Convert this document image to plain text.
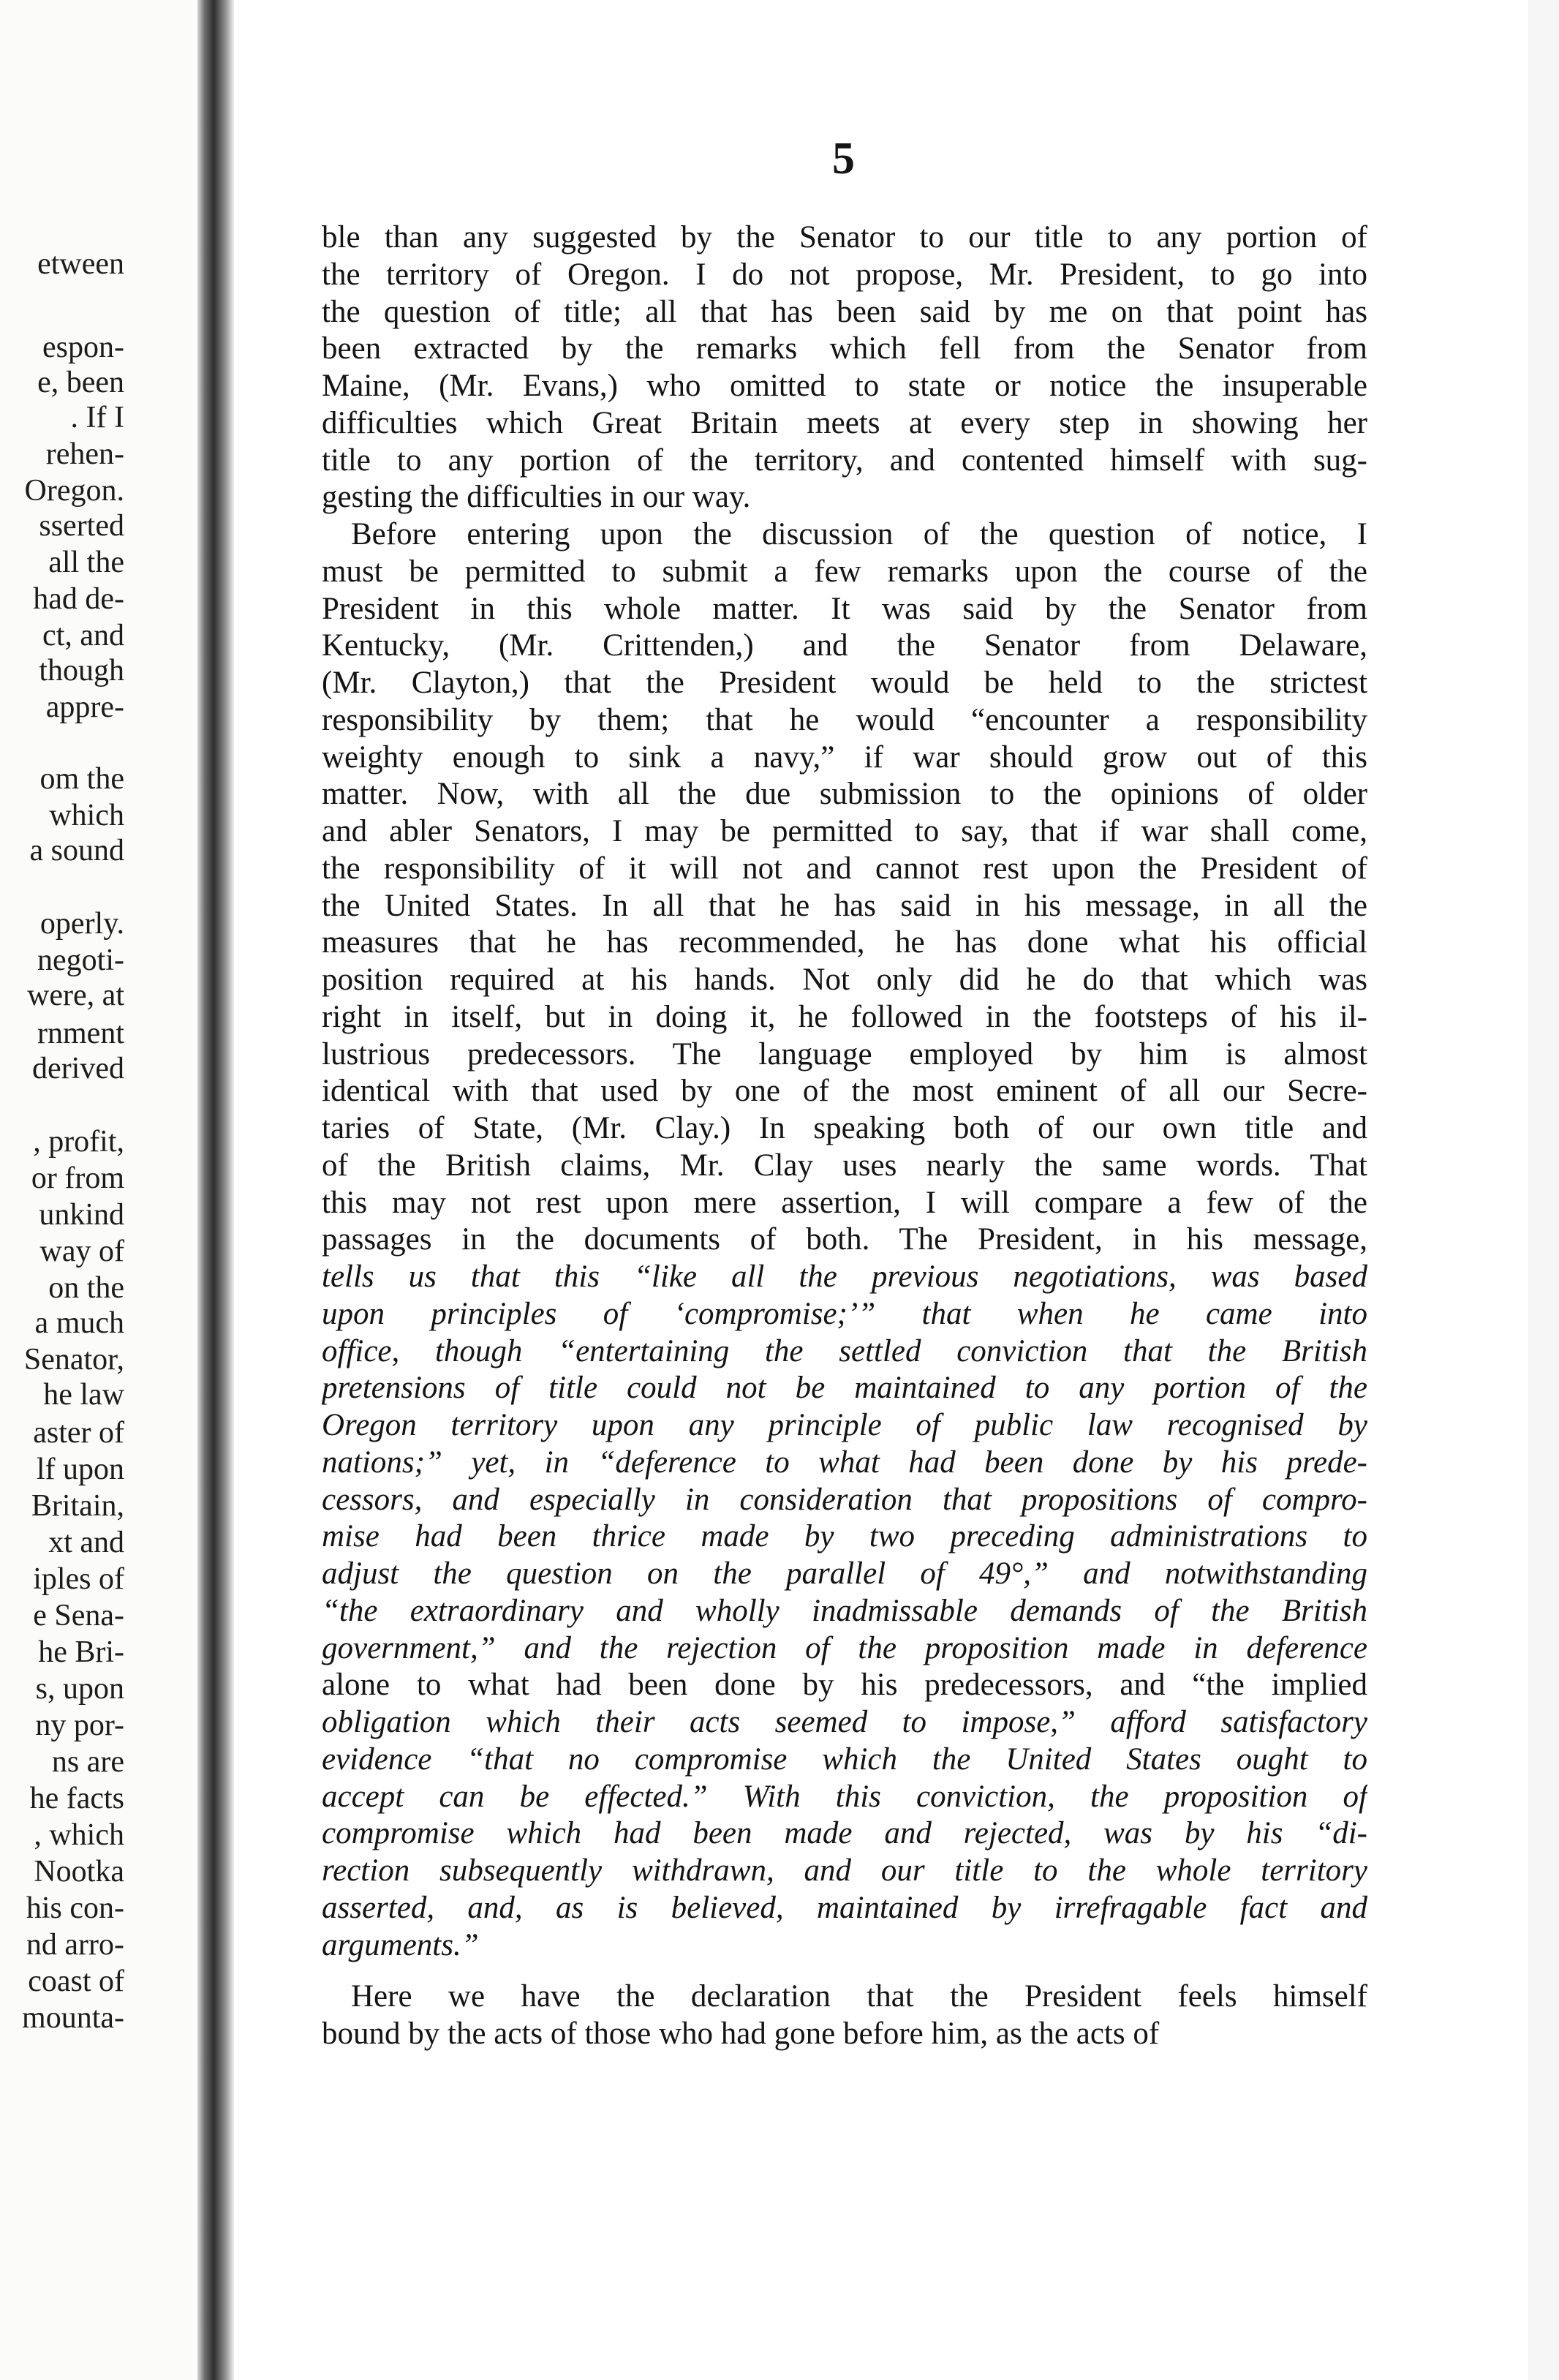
etween
espon-
e, been
. If I
rehen-
Oregon.
sserted
all the
had de-
ct, and
though
appre-
om the
which
a sound
operly.
negoti-
were, at
rnment
derived
, profit,
or from
unkind
way of
on the
a much
Senator,
he law
aster of
lf upon
Britain,
xt and
iples of
e Sena-
he Bri-
s, upon
ny por-
ns are
he facts
, which
Nootka
his con-
nd arro-
coast of
mounta-
5
ble than any suggested by the Senator to our title to any portion of
the territory of Oregon. I do not propose, Mr. President, to go into
the question of title; all that has been said by me on that point has
been extracted by the remarks which fell from the Senator from
Maine, (Mr. Evans,) who omitted to state or notice the insuperable
difficulties which Great Britain meets at every step in showing her
title to any portion of the territory, and contented himself with sug-
gesting the difficulties in our way.
Before entering upon the discussion of the question of notice, I
must be permitted to submit a few remarks upon the course of the
President in this whole matter. It was said by the Senator from
Kentucky, (Mr. Crittenden,) and the Senator from Delaware,
(Mr. Clayton,) that the President would be held to the strictest
responsibility by them; that he would “encounter a responsibility
weighty enough to sink a navy,” if war should grow out of this
matter. Now, with all the due submission to the opinions of older
and abler Senators, I may be permitted to say, that if war shall come,
the responsibility of it will not and cannot rest upon the President of
the United States. In all that he has said in his message, in all the
measures that he has recommended, he has done what his official
position required at his hands. Not only did he do that which was
right in itself, but in doing it, he followed in the footsteps of his il-
lustrious predecessors. The language employed by him is almost
identical with that used by one of the most eminent of all our Secre-
taries of State, (Mr. Clay.) In speaking both of our own title and
of the British claims, Mr. Clay uses nearly the same words. That
this may not rest upon mere assertion, I will compare a few of the
passages in the documents of both. The President, in his message,
tells us that this “like all the previous negotiations, was based
upon principles of ‘compromise;’” that when he came into
office, though “entertaining the settled conviction that the British
pretensions of title could not be maintained to any portion of the
Oregon territory upon any principle of public law recognised by
nations;” yet, in “deference to what had been done by his prede-
cessors, and especially in consideration that propositions of compro-
mise had been thrice made by two preceding administrations to
adjust the question on the parallel of 49°,” and notwithstanding
“the extraordinary and wholly inadmissable demands of the British
government,” and the rejection of the proposition made in deference
alone to what had been done by his predecessors, and “the implied
obligation which their acts seemed to impose,” afford satisfactory
evidence “that no compromise which the United States ought to
accept can be effected.” With this conviction, the proposition of
compromise which had been made and rejected, was by his “di-
rection subsequently withdrawn, and our title to the whole territory
asserted, and, as is believed, maintained by irrefragable fact and
arguments.”
Here we have the declaration that the President feels himself
bound by the acts of those who had gone before him, as the acts of
